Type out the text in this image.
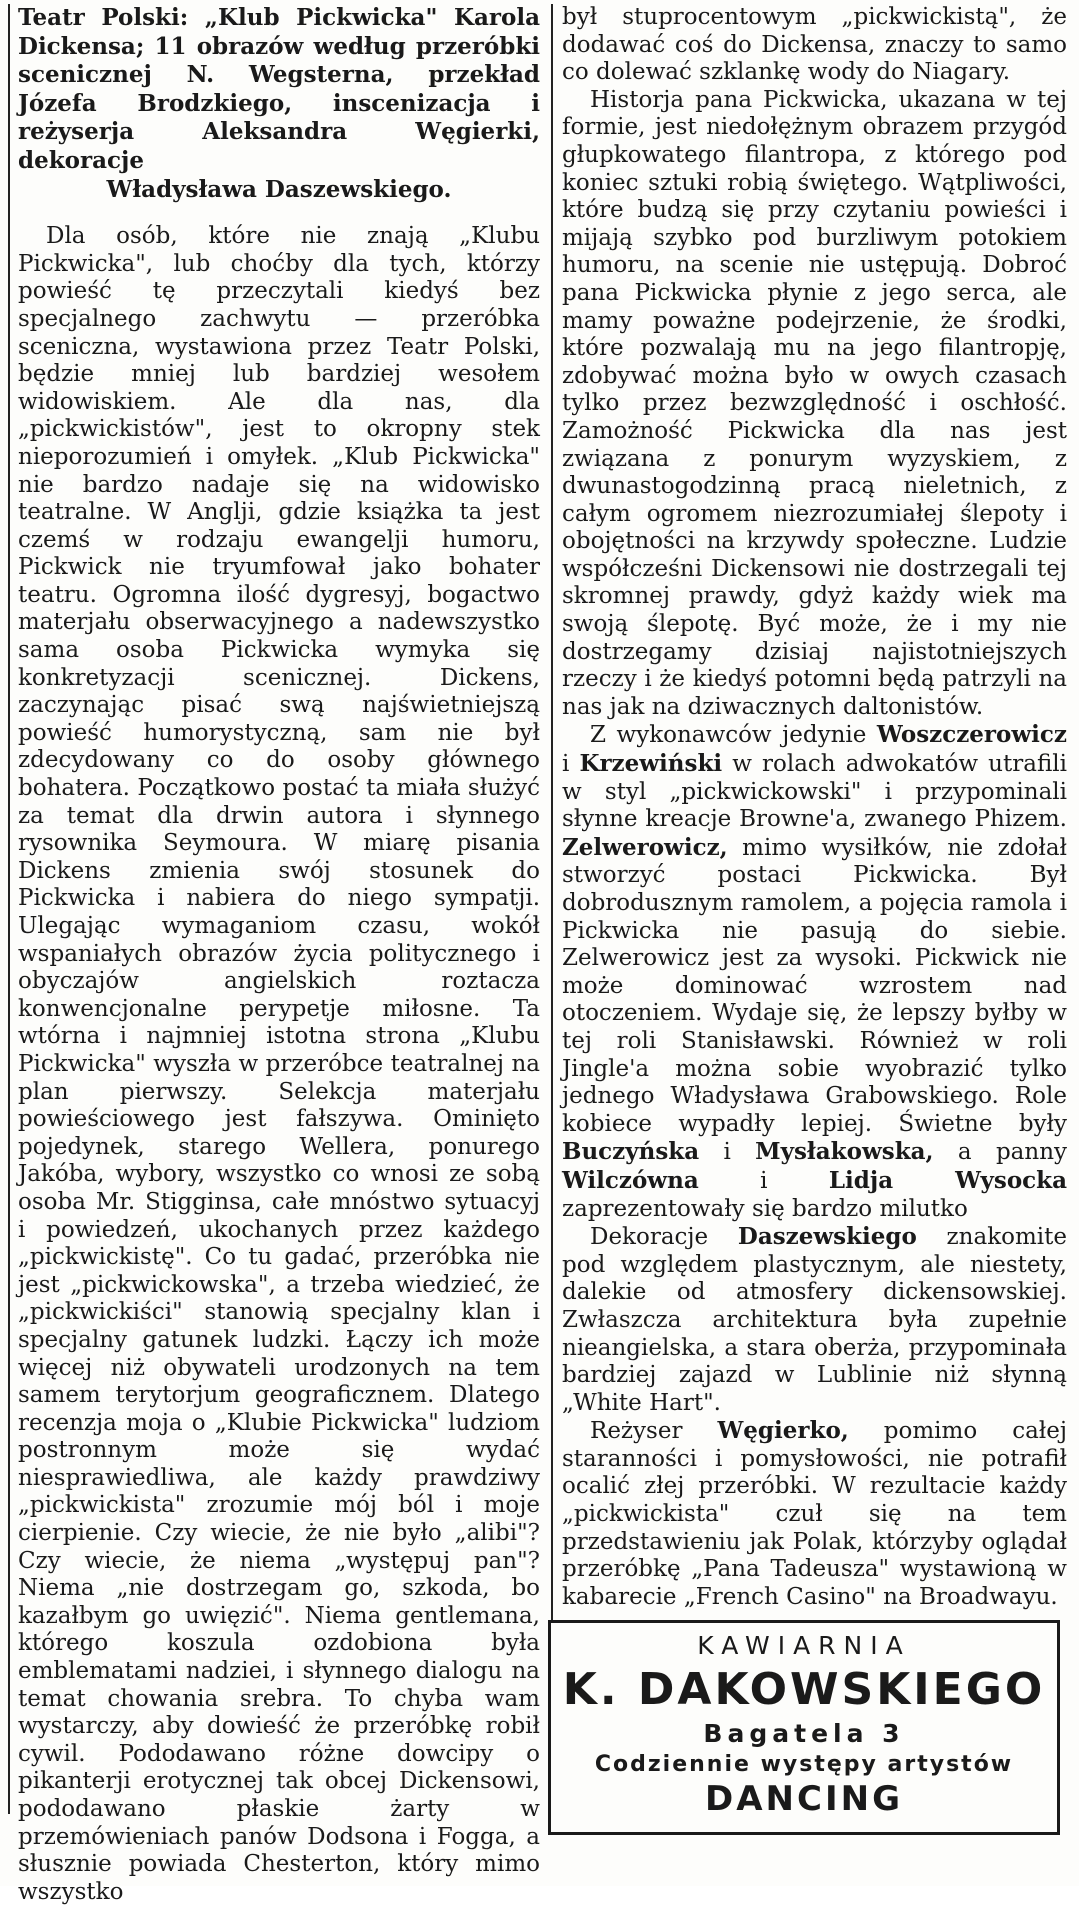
Teatr Polski: „Klub Pickwicka" Karola Dickensa; 11 obrazów według przeróbki scenicznej N. Wegsterna, przekład Józefa Brodzkiego, inscenizacja i reżyserja Aleksandra Węgierki, dekoracje
Władysława Daszewskiego.

Dla osób, które nie znają „Klubu Pickwicka", lub choćby dla tych, którzy powieść tę przeczytali kiedyś bez specjalnego zachwytu — przeróbka sceniczna, wystawiona przez Teatr Polski, będzie mniej lub bardziej wesołem widowiskiem. Ale dla nas, dla „pickwickistów", jest to okropny stek nieporozumień i omyłek. „Klub Pickwicka" nie bardzo nadaje się na widowisko teatralne. W Anglji, gdzie książka ta jest czemś w rodzaju ewangelji humoru, Pickwick nie tryumfował jako bohater teatru. Ogromna ilość dygresyj, bogactwo materjału obserwacyjnego a nadewszystko sama osoba Pickwicka wymyka się konkretyzacji scenicznej. Dickens, zaczynając pisać swą najświetniejszą powieść humorystyczną, sam nie był zdecydowany co do osoby głównego bohatera. Początkowo postać ta miała służyć za temat dla drwin autora i słynnego rysownika Seymoura. W miarę pisania Dickens zmienia swój stosunek do Pickwicka i nabiera do niego sympatji. Ulegając wymaganiom czasu, wokół wspaniałych obrazów życia politycznego i obyczajów angielskich roztacza konwencjonalne perypetje miłosne. Ta wtórna i najmniej istotna strona „Klubu Pickwicka" wyszła w przeróbce teatralnej na plan pierwszy. Selekcja materjału powieściowego jest fałszywa. Ominięto pojedynek, starego Wellera, ponurego Jakóba, wybory, wszystko co wnosi ze sobą osoba Mr. Stigginsa, całe mnóstwo sytuacyj i powiedzeń, ukochanych przez każdego „pickwickistę". Co tu gadać, przeróbka nie jest „pickwickowska", a trzeba wiedzieć, że „pickwickiści" stanowią specjalny klan i specjalny gatunek ludzki. Łączy ich może więcej niż obywateli urodzonych na tem samem terytorjum geograficznem. Dlatego recenzja moja o „Klubie Pickwicka" ludziom postronnym może się wydać niesprawiedliwa, ale każdy prawdziwy „pickwickista" zrozumie mój ból i moje cierpienie. Czy wiecie, że nie było „alibi"? Czy wiecie, że niema „występuj pan"? Niema „nie dostrzegam go, szkoda, bo kazałbym go uwięzić". Niema gentlemana, którego koszula ozdobiona była emblematami nadziei, i słynnego dialogu na temat chowania srebra. To chyba wam wystarczy, aby dowieść że przeróbkę robił cywil. Pododawano różne dowcipy o pikanterji erotycznej tak obcej Dickensowi, pododawano płaskie żarty w przemówieniach panów Dodsona i Fogga, a słusznie powiada Chesterton, który mimo wszystko

był stuprocentowym „pickwickistą", że dodawać coś do Dickensa, znaczy to samo co dolewać szklankę wody do Niagary.

Historja pana Pickwicka, ukazana w tej formie, jest niedołężnym obrazem przygód głupkowatego filantropa, z którego pod koniec sztuki robią świętego. Wątpliwości, które budzą się przy czytaniu powieści i mijają szybko pod burzliwym potokiem humoru, na scenie nie ustępują. Dobroć pana Pickwicka płynie z jego serca, ale mamy poważne podejrzenie, że środki, które pozwalają mu na jego filantropję, zdobywać można było w owych czasach tylko przez bezwzględność i oschłość. Zamożność Pickwicka dla nas jest związana z ponurym wyzyskiem, z dwunastogodzinną pracą nieletnich, z całym ogromem niezrozumiałej ślepoty i obojętności na krzywdy społeczne. Ludzie współcześni Dickensowi nie dostrzegali tej skromnej prawdy, gdyż każdy wiek ma swoją ślepotę. Być może, że i my nie dostrzegamy dzisiaj najistotniejszych rzeczy i że kiedyś potomni będą patrzyli na nas jak na dziwacznych daltonistów.

Z wykonawców jedynie Woszczerowicz i Krzewiński w rolach adwokatów utrafili w styl „pickwickowski" i przypominali słynne kreacje Browne'a, zwanego Phizem. Zelwerowicz, mimo wysiłków, nie zdołał stworzyć postaci Pickwicka. Był dobrodusznym ramolem, a pojęcia ramola i Pickwicka nie pasują do siebie. Zelwerowicz jest za wysoki. Pickwick nie może dominować wzrostem nad otoczeniem. Wydaje się, że lepszy byłby w tej roli Stanisławski. Również w roli Jingle'a można sobie wyobrazić tylko jednego Władysława Grabowskiego. Role kobiece wypadły lepiej. Świetne były Buczyńska i Mysłakowska, a panny Wilczówna i Lidja Wysocka zaprezentowały się bardzo milutko

Dekoracje Daszewskiego znakomite pod względem plastycznym, ale niestety, dalekie od atmosfery dickensowskiej. Zwłaszcza architektura była zupełnie nieangielska, a stara oberża, przypominała bardziej zajazd w Lublinie niż słynną „White Hart".

Reżyser Węgierko, pomimo całej staranności i pomysłowości, nie potrafił ocalić złej przeróbki. W rezultacie każdy „pickwickista" czuł się na tem przedstawieniu jak Polak, którzyby oglądał przeróbkę „Pana Tadeusza" wystawioną w kabarecie „French Casino" na Broadwayu.

KAWIARNIA
K. DAKOWSKIEGO
Bagatela 3
Codziennie występy artystów
DANCING
